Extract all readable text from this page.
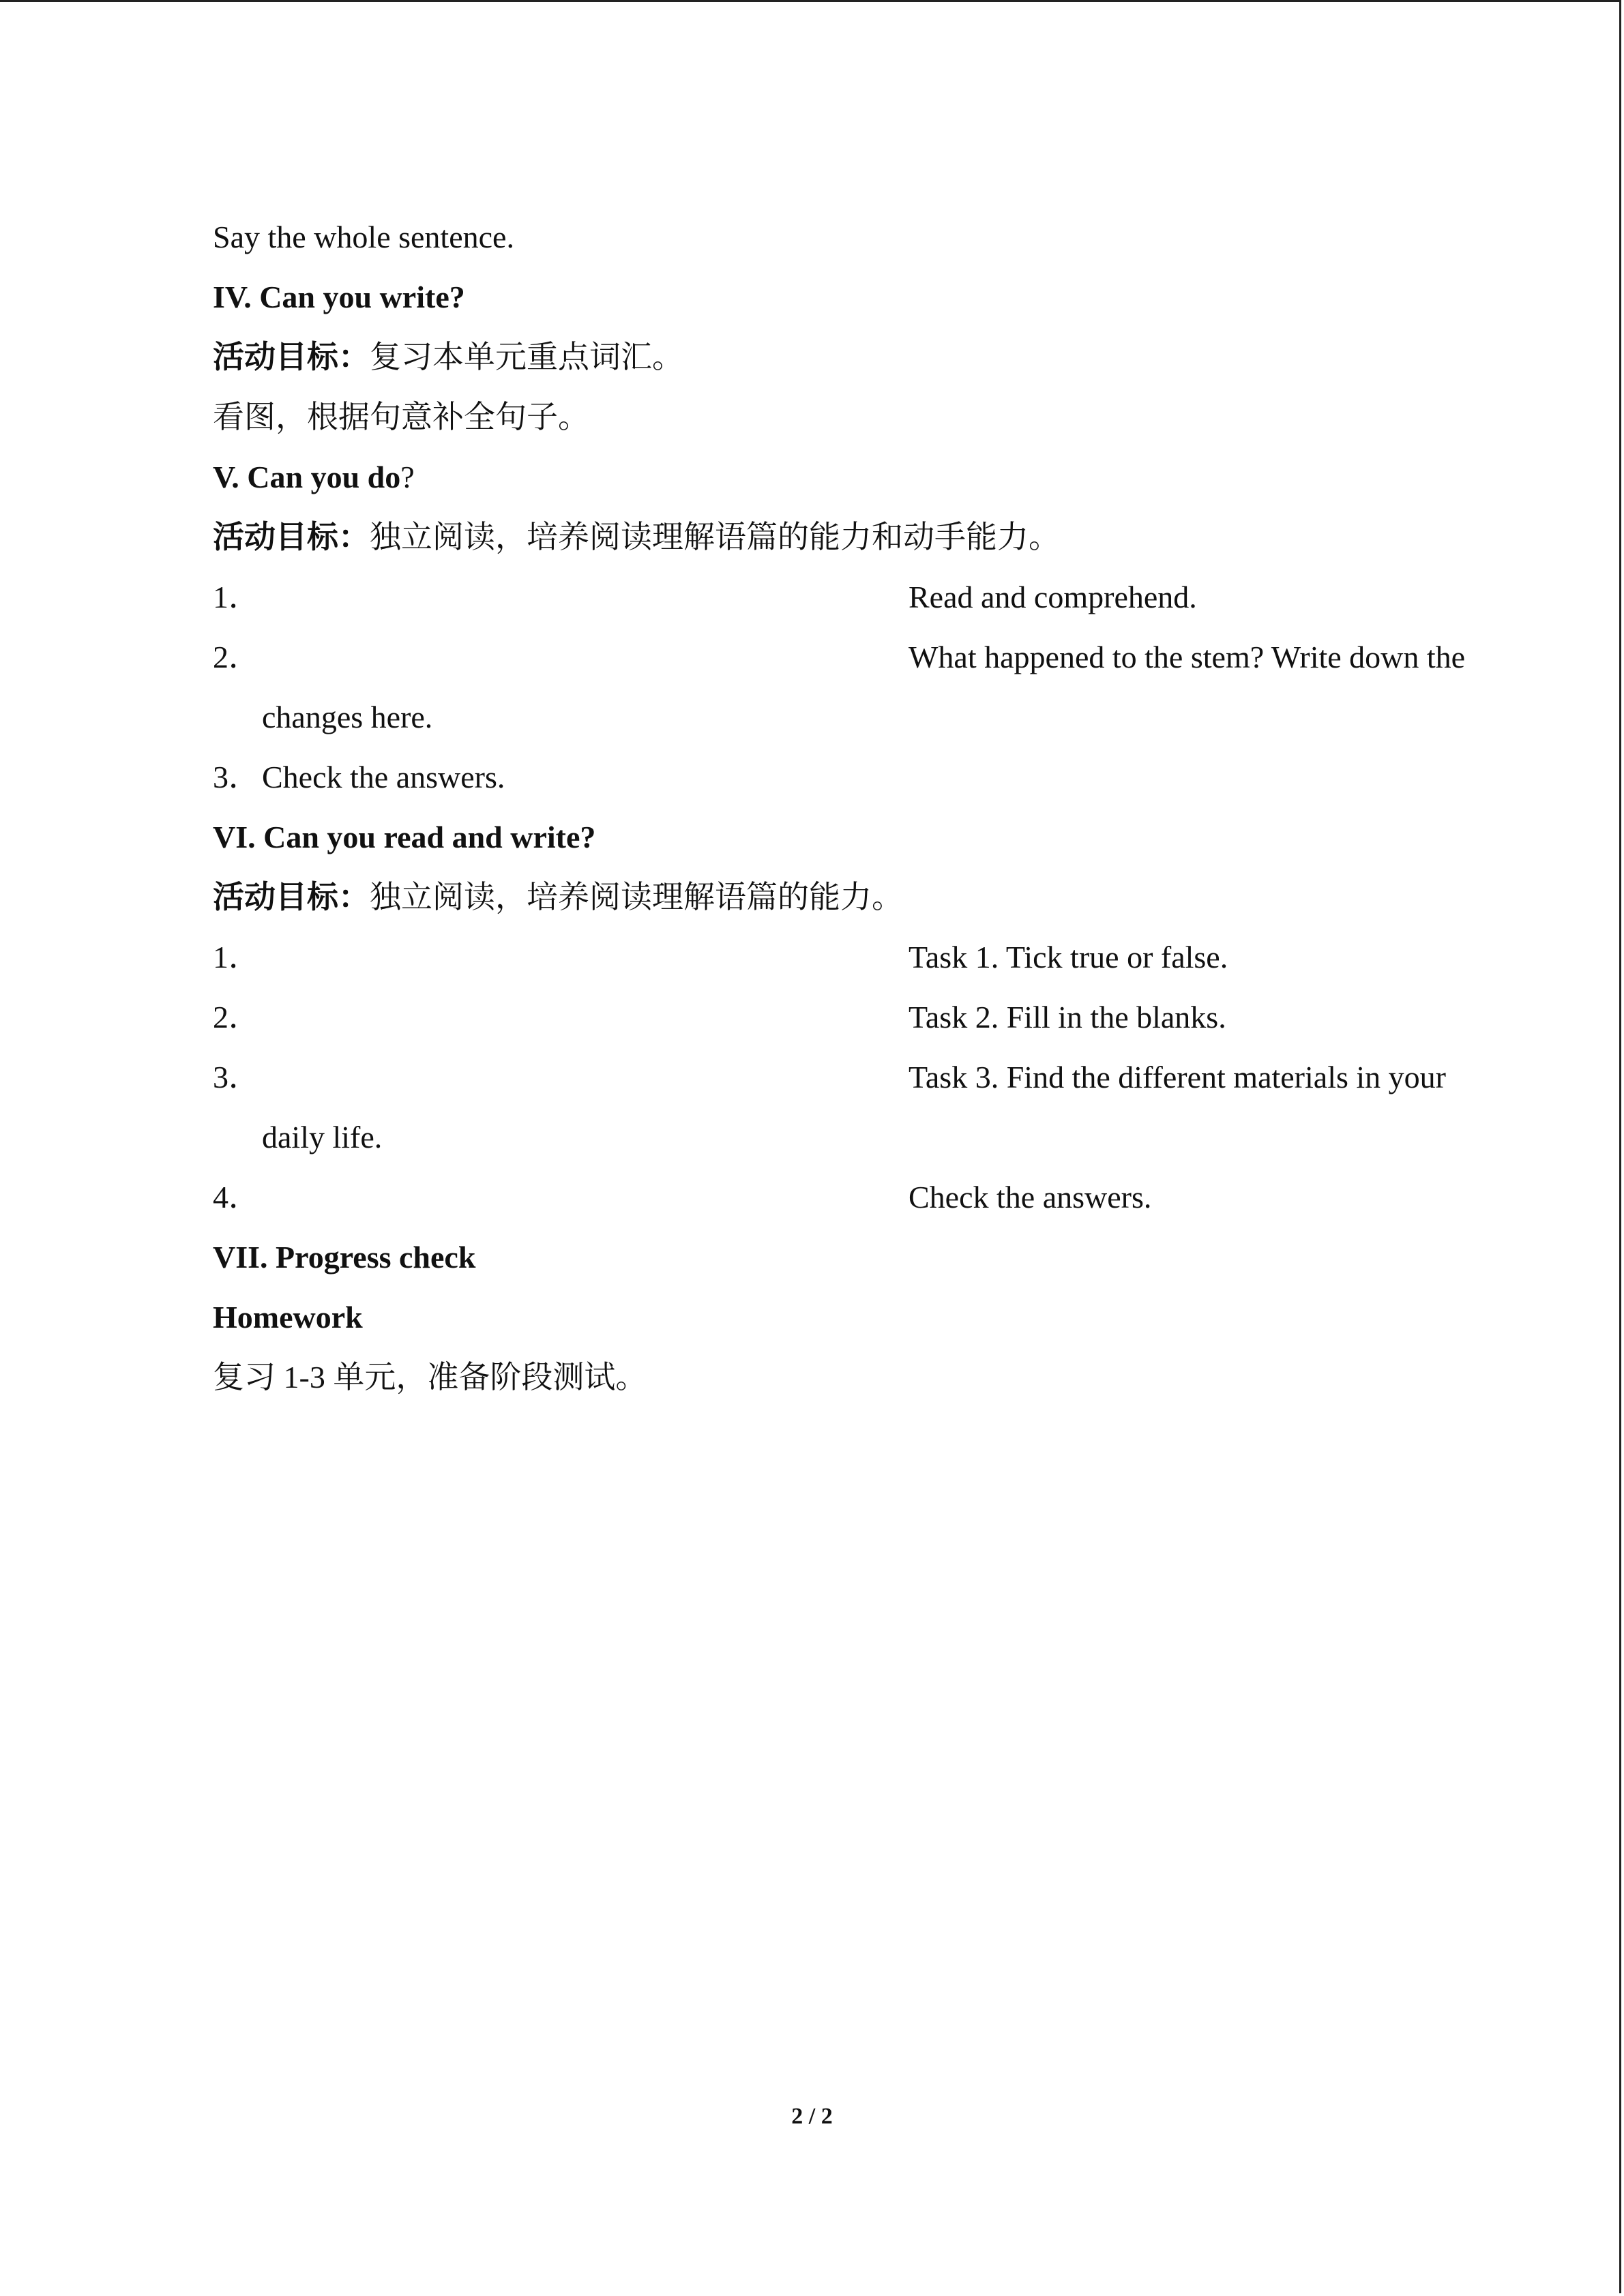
Say the whole sentence.
IV. Can you write?
活动目标：复习本单元重点词汇。
看图，根据句意补全句子。
V. Can you do?
活动目标：独立阅读，培养阅读理解语篇的能力和动手能力。
1．	Read and comprehend.
2．	What happened to the stem? Write down the
changes here.
3． Check the answers.
VI. Can you read and write?
活动目标：独立阅读，培养阅读理解语篇的能力。
1．	Task 1. Tick true or false.
2．	Task 2. Fill in the blanks.
3．	Task 3. Find the different materials in your
daily life.
4．	Check the answers.
VII. Progress check
Homework
复习 1-3 单元，准备阶段测试。
2 / 2
